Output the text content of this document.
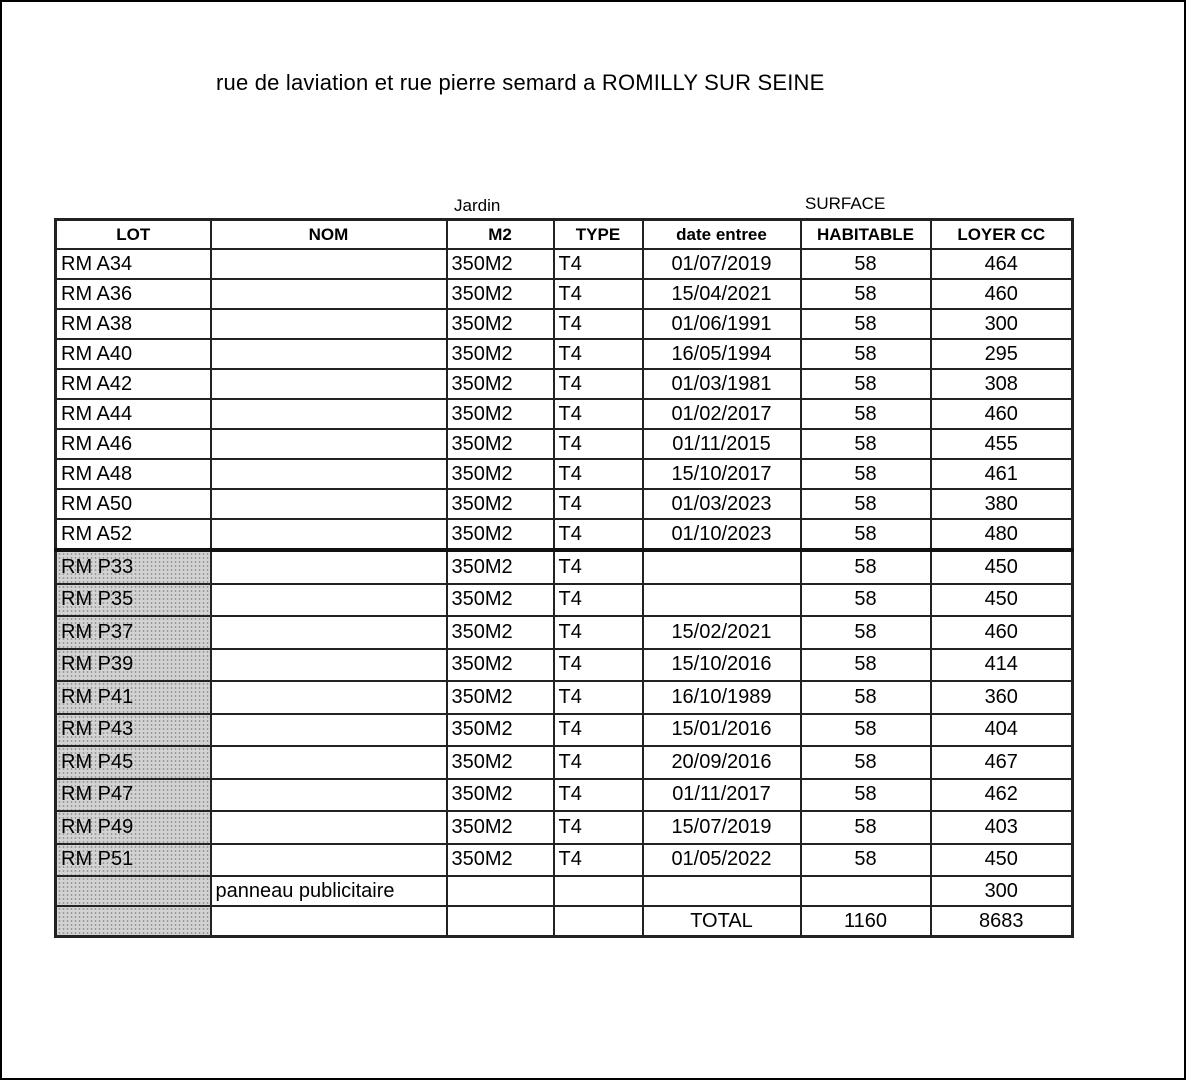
rue de laviation et rue pierre semard a ROMILLY SUR SEINE
Jardin	SURFACE
LOT	NOM	M2	TYPE	date entree	HABITABLE	LOYER CC
RM A34		350M2	T4	01/07/2019	58	464
RM A36		350M2	T4	15/04/2021	58	460
RM A38		350M2	T4	01/06/1991	58	300
RM A40		350M2	T4	16/05/1994	58	295
RM A42		350M2	T4	01/03/1981	58	308
RM A44		350M2	T4	01/02/2017	58	460
RM A46		350M2	T4	01/11/2015	58	455
RM A48		350M2	T4	15/10/2017	58	461
RM A50		350M2	T4	01/03/2023	58	380
RM A52		350M2	T4	01/10/2023	58	480
RM P33		350M2	T4		58	450
RM P35		350M2	T4		58	450
RM P37		350M2	T4	15/02/2021	58	460
RM P39		350M2	T4	15/10/2016	58	414
RM P41		350M2	T4	16/10/1989	58	360
RM P43		350M2	T4	15/01/2016	58	404
RM P45		350M2	T4	20/09/2016	58	467
RM P47		350M2	T4	01/11/2017	58	462
RM P49		350M2	T4	15/07/2019	58	403
RM P51		350M2	T4	01/05/2022	58	450
	panneau publicitaire					300
				TOTAL	1160	8683
